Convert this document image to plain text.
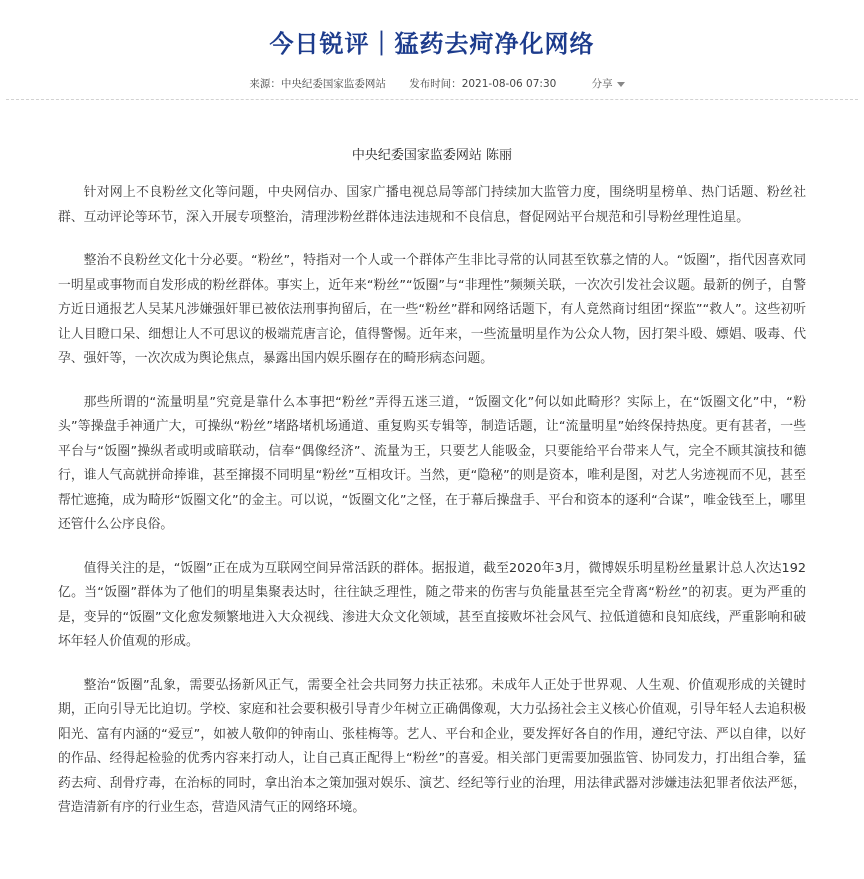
今日锐评｜猛药去疴净化网络
来源：中央纪委国家监委网站 发布时间：2021-08-06 07:30	分享
中央纪委国家监委网站 陈丽

针对网上不良粉丝文化等问题，中央网信办、国家广播电视总局等部门持续加大监管力度，围绕明星榜单、热门话题、粉丝社群、互动评论等环节，深入开展专项整治，清理涉粉丝群体违法违规和不良信息，督促网站平台规范和引导粉丝理性追星。

整治不良粉丝文化十分必要。“粉丝”，特指对一个人或一个群体产生非比寻常的认同甚至钦慕之情的人。“饭圈”，指代因喜欢同一明星或事物而自发形成的粉丝群体。事实上，近年来“粉丝”“饭圈”与“非理性”频频关联，一次次引发社会议题。最新的例子，自警方近日通报艺人吴某凡涉嫌强奸罪已被依法刑事拘留后，在一些“粉丝”群和网络话题下，有人竟然商讨组团“探监”“救人”。这些初听让人目瞪口呆、细想让人不可思议的极端荒唐言论，值得警惕。近年来，一些流量明星作为公众人物，因打架斗殴、嫖娼、吸毒、代孕、强奸等，一次次成为舆论焦点，暴露出国内娱乐圈存在的畸形病态问题。

那些所谓的“流量明星”究竟是靠什么本事把“粉丝”弄得五迷三道，“饭圈文化”何以如此畸形？实际上，在“饭圈文化”中，“粉头”等操盘手神通广大，可操纵“粉丝”堵路堵机场通道、重复购买专辑等，制造话题，让“流量明星”始终保持热度。更有甚者，一些平台与“饭圈”操纵者或明或暗联动，信奉“偶像经济”、流量为王，只要艺人能吸金，只要能给平台带来人气，完全不顾其演技和德行，谁人气高就拼命捧谁，甚至撺掇不同明星“粉丝”互相攻讦。当然，更“隐秘”的则是资本，唯利是图，对艺人劣迹视而不见，甚至帮忙遮掩，成为畸形“饭圈文化”的金主。可以说，“饭圈文化”之怪，在于幕后操盘手、平台和资本的逐利“合谋”，唯金钱至上，哪里还管什么公序良俗。

值得关注的是，“饭圈”正在成为互联网空间异常活跃的群体。据报道，截至2020年3月，微博娱乐明星粉丝量累计总人次达192亿。当“饭圈”群体为了他们的明星集聚表达时，往往缺乏理性，随之带来的伤害与负能量甚至完全背离“粉丝”的初衷。更为严重的是，变异的“饭圈”文化愈发频繁地进入大众视线、渗进大众文化领域，甚至直接败坏社会风气、拉低道德和良知底线，严重影响和破坏年轻人价值观的形成。

整治“饭圈”乱象，需要弘扬新风正气，需要全社会共同努力扶正祛邪。未成年人正处于世界观、人生观、价值观形成的关键时期，正向引导无比迫切。学校、家庭和社会要积极引导青少年树立正确偶像观，大力弘扬社会主义核心价值观，引导年轻人去追积极阳光、富有内涵的“爱豆”，如被人敬仰的钟南山、张桂梅等。艺人、平台和企业，要发挥好各自的作用，遵纪守法、严以自律，以好的作品、经得起检验的优秀内容来打动人，让自己真正配得上“粉丝”的喜爱。相关部门更需要加强监管、协同发力，打出组合拳，猛药去疴、刮骨疗毒，在治标的同时，拿出治本之策加强对娱乐、演艺、经纪等行业的治理，用法律武器对涉嫌违法犯罪者依法严惩，营造清新有序的行业生态，营造风清气正的网络环境。
